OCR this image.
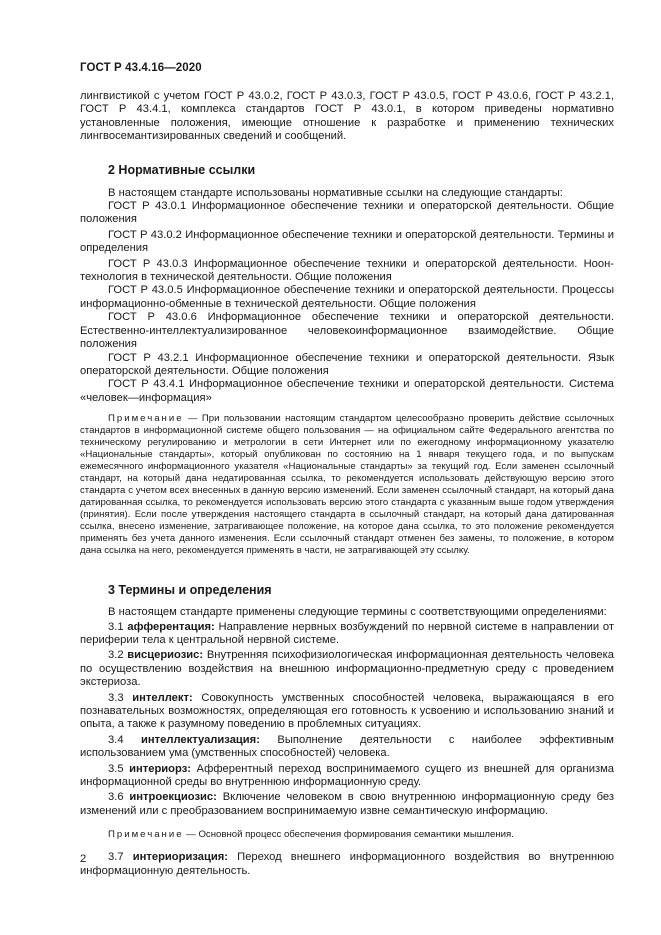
ГОСТ Р 43.4.16—2020

лингвистикой с учетом ГОСТ Р 43.0.2, ГОСТ Р 43.0.3, ГОСТ Р 43.0.5, ГОСТ Р 43.0.6, ГОСТ Р 43.2.1, ГОСТ Р 43.4.1, комплекса стандартов ГОСТ Р 43.0.1, в котором приведены нормативно установленные положения, имеющие отношение к разработке и применению технических лингвосемантизированных сведений и сообщений.

2 Нормативные ссылки

В настоящем стандарте использованы нормативные ссылки на следующие стандарты:

ГОСТ Р 43.0.1 Информационное обеспечение техники и операторской деятельности. Общие положения

ГОСТ Р 43.0.2 Информационное обеспечение техники и операторской деятельности. Термины и определения

ГОСТ Р 43.0.3 Информационное обеспечение техники и операторской деятельности. Ноон-технология в технической деятельности. Общие положения

ГОСТ Р 43.0.5 Информационное обеспечение техники и операторской деятельности. Процессы информационно-обменные в технической деятельности. Общие положения

ГОСТ Р 43.0.6 Информационное обеспечение техники и операторской деятельности. Естественно-интеллектуализированное человекоинформационное взаимодействие. Общие положения

ГОСТ Р 43.2.1 Информационное обеспечение техники и операторской деятельности. Язык операторской деятельности. Общие положения

ГОСТ Р 43.4.1 Информационное обеспечение техники и операторской деятельности. Система «человек—информация»

Примечание — При пользовании настоящим стандартом целесообразно проверить действие ссылочных стандартов в информационной системе общего пользования — на официальном сайте Федерального агентства по техническому регулированию и метрологии в сети Интернет или по ежегодному информационному указателю «Национальные стандарты», который опубликован по состоянию на 1 января текущего года, и по выпускам ежемесячного информационного указателя «Национальные стандарты» за текущий год. Если заменен ссылочный стандарт, на который дана недатированная ссылка, то рекомендуется использовать действующую версию этого стандарта с учетом всех внесенных в данную версию изменений. Если заменен ссылочный стандарт, на который дана датированная ссылка, то рекомендуется использовать версию этого стандарта с указанным выше годом утверждения (принятия). Если после утверждения настоящего стандарта в ссылочный стандарт, на который дана датированная ссылка, внесено изменение, затрагивающее положение, на которое дана ссылка, то это положение рекомендуется применять без учета данного изменения. Если ссылочный стандарт отменен без замены, то положение, в котором дана ссылка на него, рекомендуется применять в части, не затрагивающей эту ссылку.

3 Термины и определения

В настоящем стандарте применены следующие термины с соответствующими определениями:

3.1 афферентация: Направление нервных возбуждений по нервной системе в направлении от периферии тела к центральной нервной системе.

3.2 висцериозис: Внутренняя психофизиологическая информационная деятельность человека по осуществлению воздействия на внешнюю информационно-предметную среду с проведением экстериоза.

3.3 интеллект: Совокупность умственных способностей человека, выражающаяся в его познавательных возможностях, определяющая его готовность к усвоению и использованию знаний и опыта, а также к разумному поведению в проблемных ситуациях.

3.4 интеллектуализация: Выполнение деятельности с наиболее эффективным использованием ума (умственных способностей) человека.

3.5 интериорз: Афферентный переход воспринимаемого сущего из внешней для организма информационной среды во внутреннюю информационную среду.

3.6 интроекциозис: Включение человеком в свою внутреннюю информационную среду без изменений или с преобразованием воспринимаемую извне семантическую информацию.

Примечание — Основной процесс обеспечения формирования семантики мышления.

3.7 интериоризация: Переход внешнего информационного воздействия во внутреннюю информационную деятельность.

2
